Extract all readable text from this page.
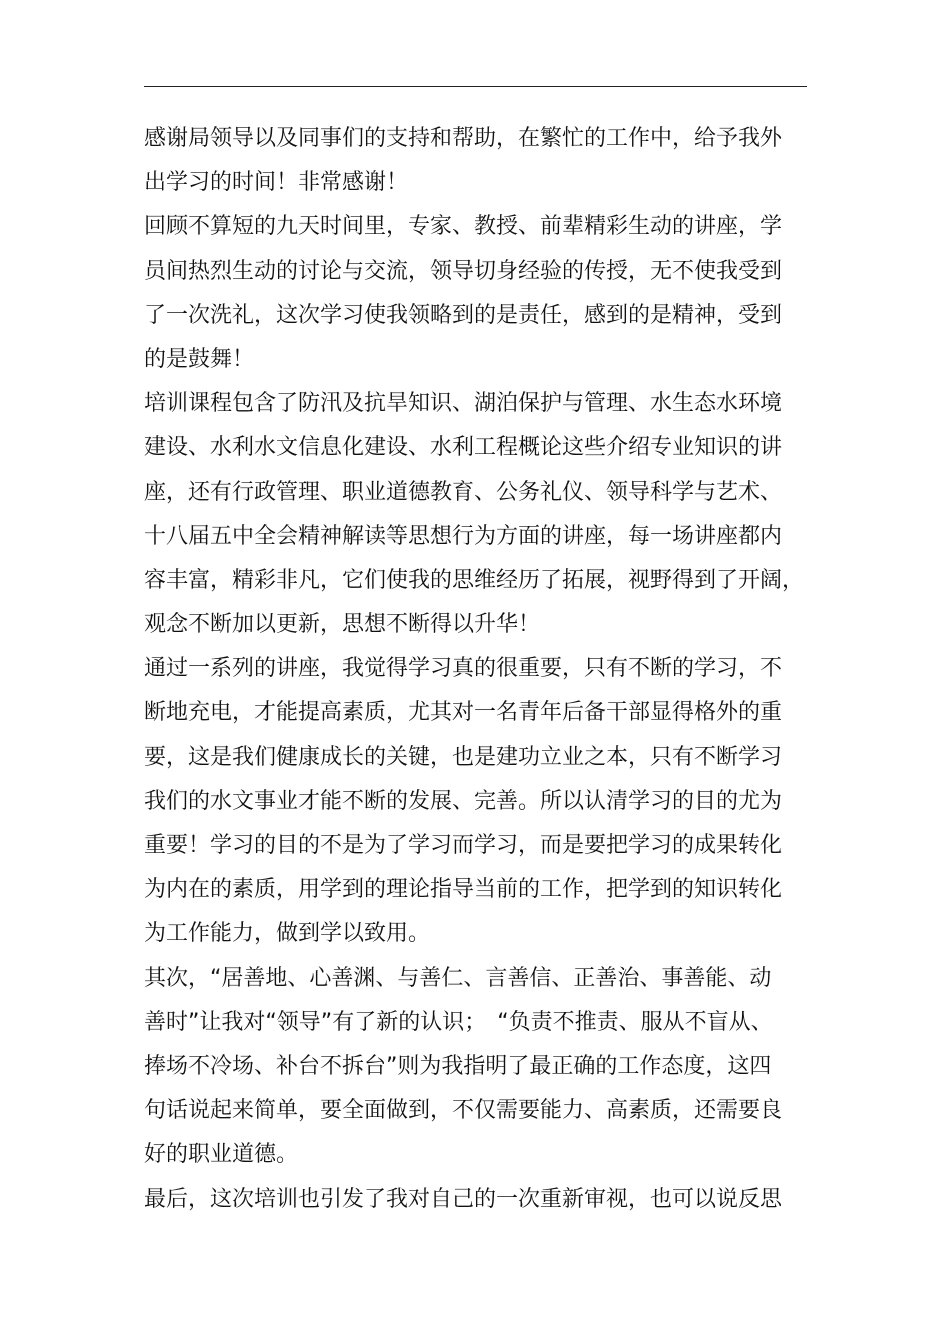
感谢局领导以及同事们的支持和帮助，在繁忙的工作中，给予我外
出学习的时间！非常感谢！
回顾不算短的九天时间里，专家、教授、前辈精彩生动的讲座，学
员间热烈生动的讨论与交流，领导切身经验的传授，无不使我受到
了一次洗礼，这次学习使我领略到的是责任，感到的是精神，受到
的是鼓舞！
培训课程包含了防汛及抗旱知识、湖泊保护与管理、水生态水环境
建设、水利水文信息化建设、水利工程概论这些介绍专业知识的讲
座，还有行政管理、职业道德教育、公务礼仪、领导科学与艺术、
十八届五中全会精神解读等思想行为方面的讲座，每一场讲座都内
容丰富，精彩非凡，它们使我的思维经历了拓展，视野得到了开阔，
观念不断加以更新，思想不断得以升华！
通过一系列的讲座，我觉得学习真的很重要，只有不断的学习，不
断地充电，才能提高素质，尤其对一名青年后备干部显得格外的重
要，这是我们健康成长的关键，也是建功立业之本，只有不断学习
我们的水文事业才能不断的发展、完善。所以认清学习的目的尤为
重要！学习的目的不是为了学习而学习，而是要把学习的成果转化
为内在的素质，用学到的理论指导当前的工作，把学到的知识转化
为工作能力，做到学以致用。
其次，“居善地、心善渊、与善仁、言善信、正善治、事善能、动
善时”让我对“领导”有了新的认识；　“负责不推责、服从不盲从、
捧场不冷场、补台不拆台”则为我指明了最正确的工作态度，这四
句话说起来简单，要全面做到，不仅需要能力、高素质，还需要良
好的职业道德。
最后，这次培训也引发了我对自己的一次重新审视，也可以说反思
